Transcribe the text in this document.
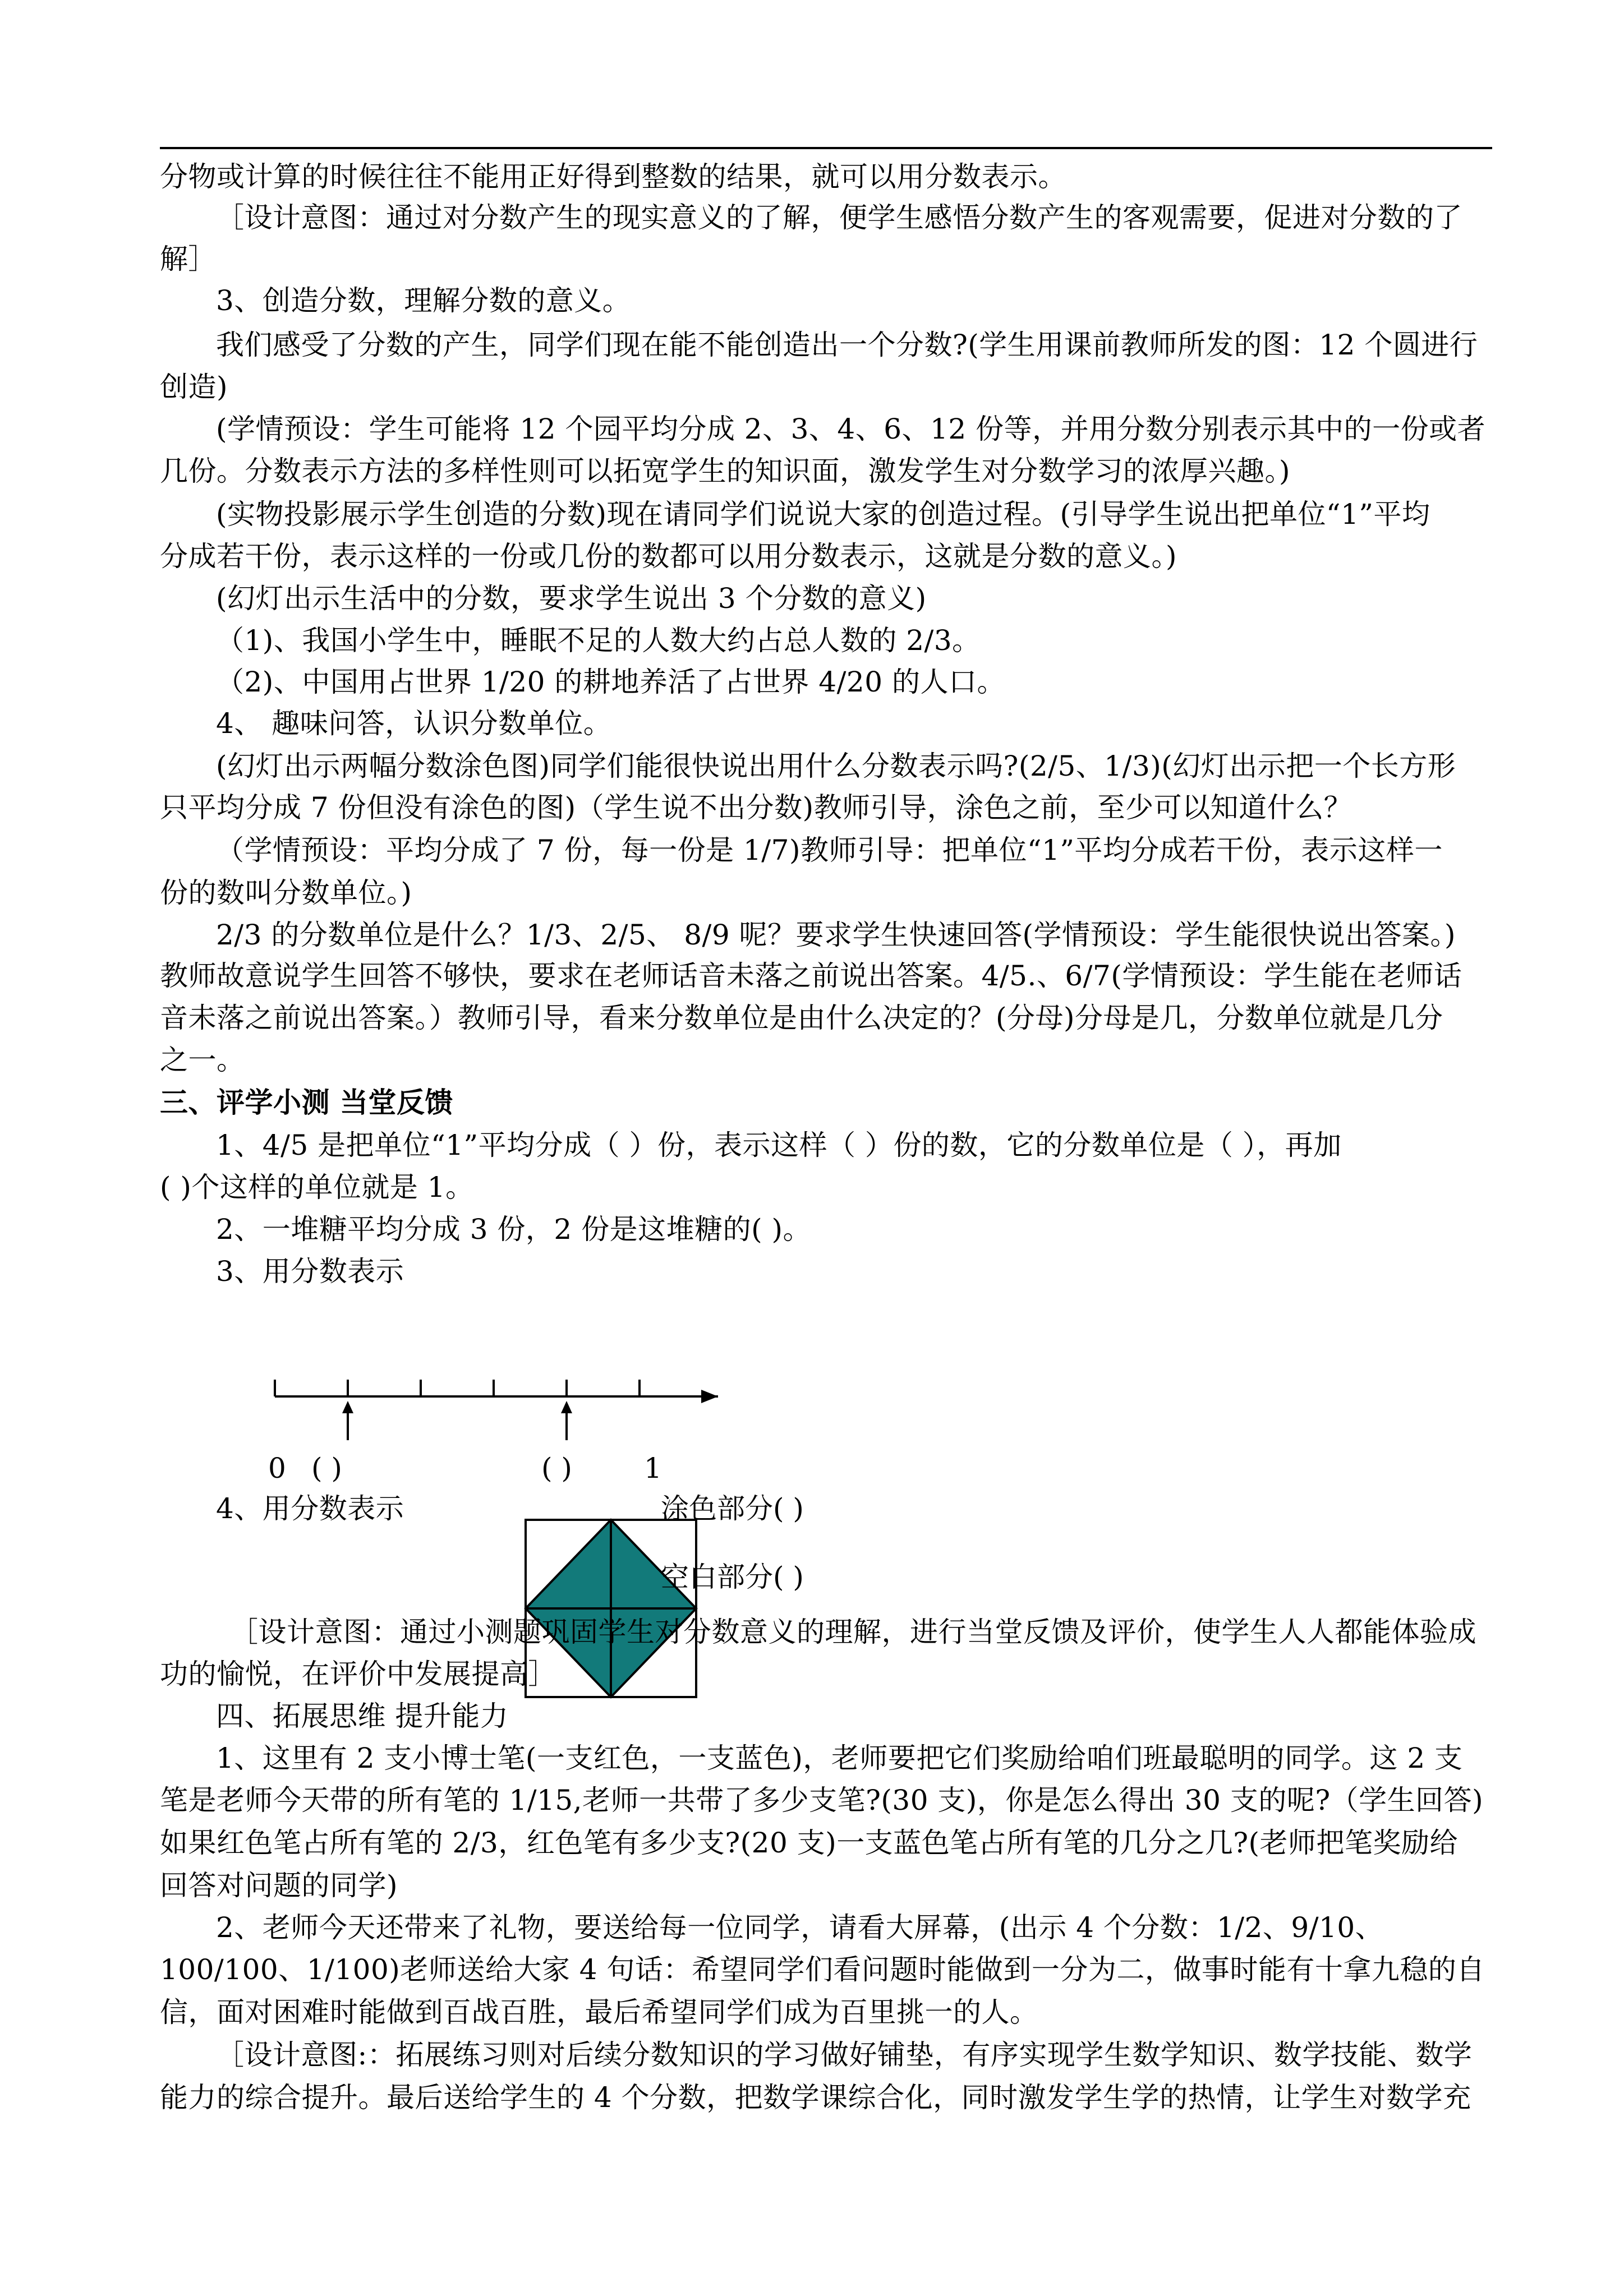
分物或计算的时候往往不能用正好得到整数的结果，就可以用分数表示。
［设计意图：通过对分数产生的现实意义的了解，便学生感悟分数产生的客观需要，促进对分数的了
解］
3、创造分数，理解分数的意义。
我们感受了分数的产生，同学们现在能不能创造出一个分数?(学生用课前教师所发的图：12 个圆进行
创造)
(学情预设：学生可能将 12 个园平均分成 2、3、4、6、12 份等，并用分数分别表示其中的一份或者
几份。分数表示方法的多样性则可以拓宽学生的知识面，激发学生对分数学习的浓厚兴趣。)
(实物投影展示学生创造的分数)现在请同学们说说大家的创造过程。(引导学生说出把单位“1”平均
分成若干份，表示这样的一份或几份的数都可以用分数表示，这就是分数的意义。)
(幻灯出示生活中的分数，要求学生说出 3 个分数的意义)
（1)、我国小学生中，睡眠不足的人数大约占总人数的 2/3。
（2)、中国用占世界 1/20 的耕地养活了占世界 4/20 的人口。
4、 趣味问答，认识分数单位。
(幻灯出示两幅分数涂色图)同学们能很快说出用什么分数表示吗?(2/5、1/3)(幻灯出示把一个长方形
只平均分成 7 份但没有涂色的图)（学生说不出分数)教师引导，涂色之前，至少可以知道什么？
（学情预设：平均分成了 7 份，每一份是 1/7)教师引导：把单位“1”平均分成若干份，表示这样一
份的数叫分数单位。)
2/3 的分数单位是什么？1/3、2/5、 8/9 呢？要求学生快速回答(学情预设：学生能很快说出答案。)
教师故意说学生回答不够快，要求在老师话音未落之前说出答案。4/5.、6/7(学情预设：学生能在老师话
音未落之前说出答案。）教师引导，看来分数单位是由什么决定的？(分母)分母是几，分数单位就是几分
之一。
三、评学小测 当堂反馈
1、4/5 是把单位“1”平均分成（ ）份，表示这样（ ）份的数，它的分数单位是（ ），再加
( )个这样的单位就是 1。
2、一堆糖平均分成 3 份，2 份是这堆糖的( )。
3、用分数表示
0 ( )	( )	1
4、用分数表示	涂色部分( )
空白部分( )
［设计意图：通过小测题巩固学生对分数意义的理解，进行当堂反馈及评价，使学生人人都能体验成
功的愉悦，在评价中发展提高］
四、拓展思维 提升能力
1、这里有 2 支小博士笔(一支红色，一支蓝色)，老师要把它们奖励给咱们班最聪明的同学。这 2 支
笔是老师今天带的所有笔的 1/15,老师一共带了多少支笔?(30 支)，你是怎么得出 30 支的呢?（学生回答)
如果红色笔占所有笔的 2/3，红色笔有多少支?(20 支)一支蓝色笔占所有笔的几分之几?(老师把笔奖励给
回答对问题的同学)
2、老师今天还带来了礼物，要送给每一位同学，请看大屏幕，(出示 4 个分数：1/2、9/10、
100/100、1/100)老师送给大家 4 句话：希望同学们看问题时能做到一分为二，做事时能有十拿九稳的自
信，面对困难时能做到百战百胜，最后希望同学们成为百里挑一的人。
［设计意图:：拓展练习则对后续分数知识的学习做好铺垫，有序实现学生数学知识、数学技能、数学
能力的综合提升。最后送给学生的 4 个分数，把数学课综合化，同时激发学生学的热情，让学生对数学充
